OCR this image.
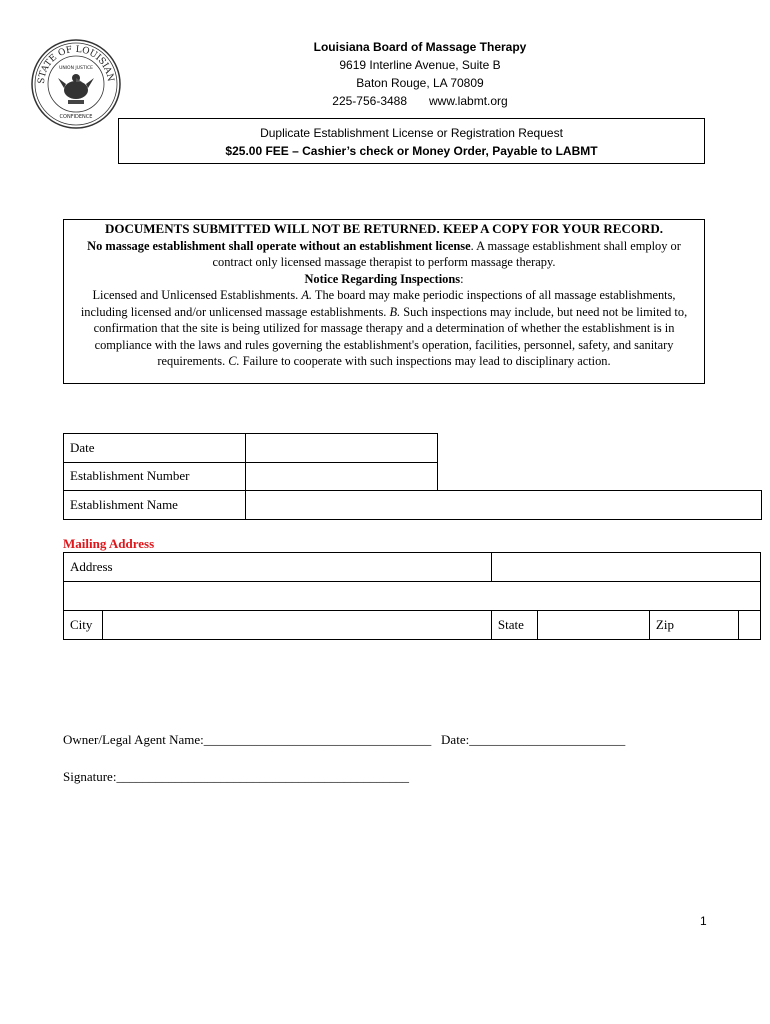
STATE OF LOUISIAN
CONFIDENCE
UNION JUSTICE
Louisiana Board of Massage Therapy
9619 Interline Avenue, Suite B
Baton Rouge, LA 70809
225-756-3488 www.labmt.org
Duplicate Establishment License or Registration Request
$25.00 FEE – Cashier’s check or Money Order, Payable to LABMT
DOCUMENTS SUBMITTED WILL NOT BE RETURNED. KEEP A COPY FOR YOUR RECORD.
No massage establishment shall operate without an establishment license. A massage establishment shall employ or contract only licensed massage therapist to perform massage therapy.
Notice Regarding Inspections:
Licensed and Unlicensed Establishments. A. The board may make periodic inspections of all massage establishments, including licensed and/or unlicensed massage establishments. B. Such inspections may include, but need not be limited to, confirmation that the site is being utilized for massage therapy and a determination of whether the establishment is in compliance with the laws and rules governing the establishment's operation, facilities, personnel, safety, and sanitary requirements. C. Failure to cooperate with such inspections may lead to disciplinary action.
Date		
Establishment Number		
Establishment Name		
Mailing Address
Address					

City		State		Zip	
Owner/Legal Agent Name:___________________________________ Date:________________________
Signature:_____________________________________________
1
